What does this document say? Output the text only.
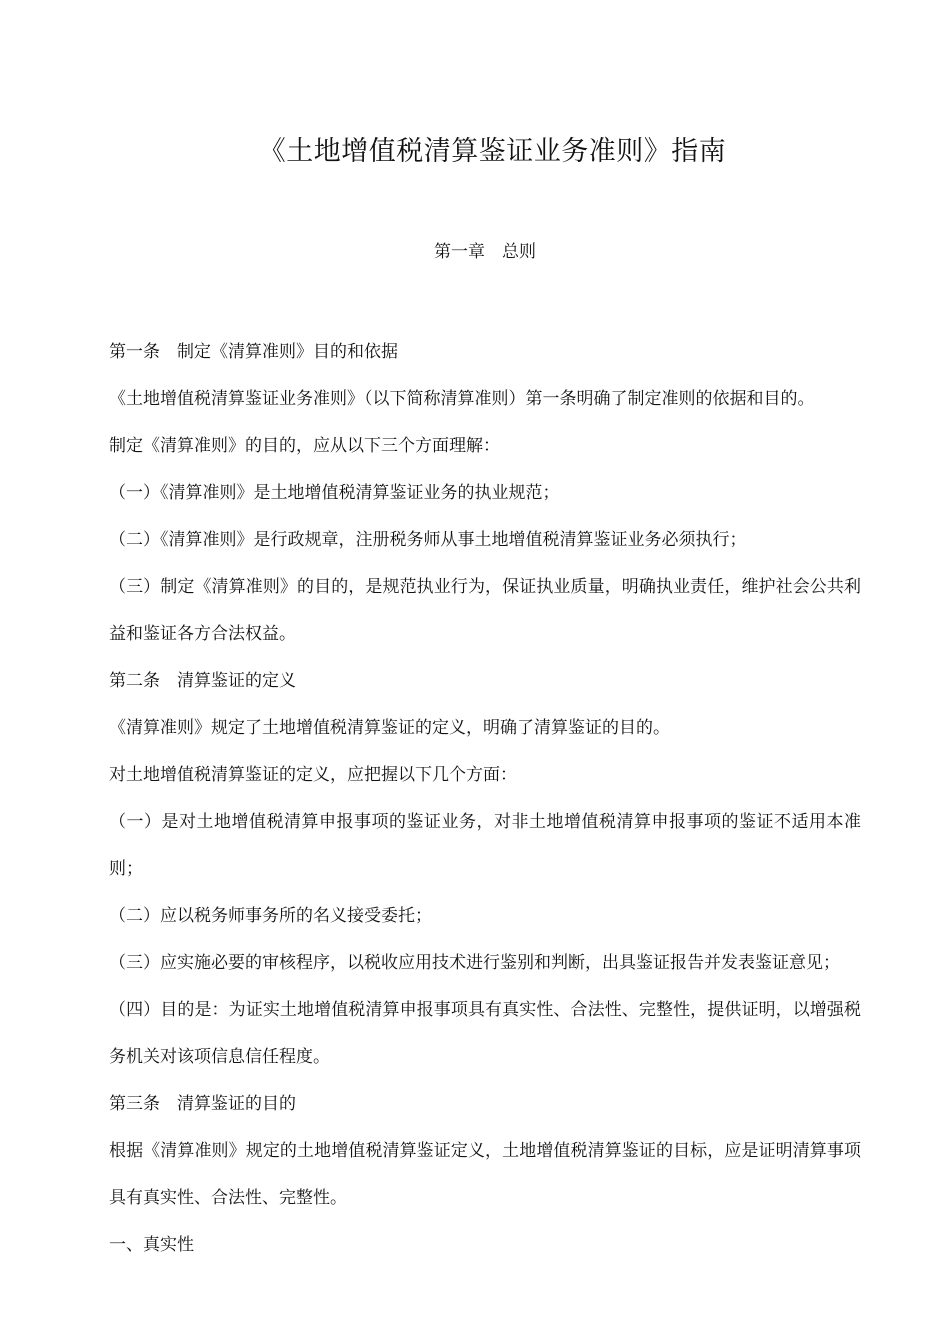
《土地增值税清算鉴证业务准则》指南
第一章　总则

第一条　制定《清算准则》目的和依据

《土地增值税清算鉴证业务准则》（以下简称清算准则）第一条明确了制定准则的依据和目的。

制定《清算准则》的目的，应从以下三个方面理解：

（一）《清算准则》是土地增值税清算鉴证业务的执业规范；

（二）《清算准则》是行政规章，注册税务师从事土地增值税清算鉴证业务必须执行；

（三）制定《清算准则》的目的，是规范执业行为，保证执业质量，明确执业责任，维护社会公共利益和鉴证各方合法权益。

第二条　清算鉴证的定义

《清算准则》规定了土地增值税清算鉴证的定义，明确了清算鉴证的目的。

对土地增值税清算鉴证的定义，应把握以下几个方面：

（一）是对土地增值税清算申报事项的鉴证业务，对非土地增值税清算申报事项的鉴证不适用本准则；

（二）应以税务师事务所的名义接受委托；

（三）应实施必要的审核程序，以税收应用技术进行鉴别和判断，出具鉴证报告并发表鉴证意见；

（四）目的是：为证实土地增值税清算申报事项具有真实性、合法性、完整性，提供证明，以增强税务机关对该项信息信任程度。

第三条　清算鉴证的目的

根据《清算准则》规定的土地增值税清算鉴证定义，土地增值税清算鉴证的目标，应是证明清算事项具有真实性、合法性、完整性。

一、真实性
